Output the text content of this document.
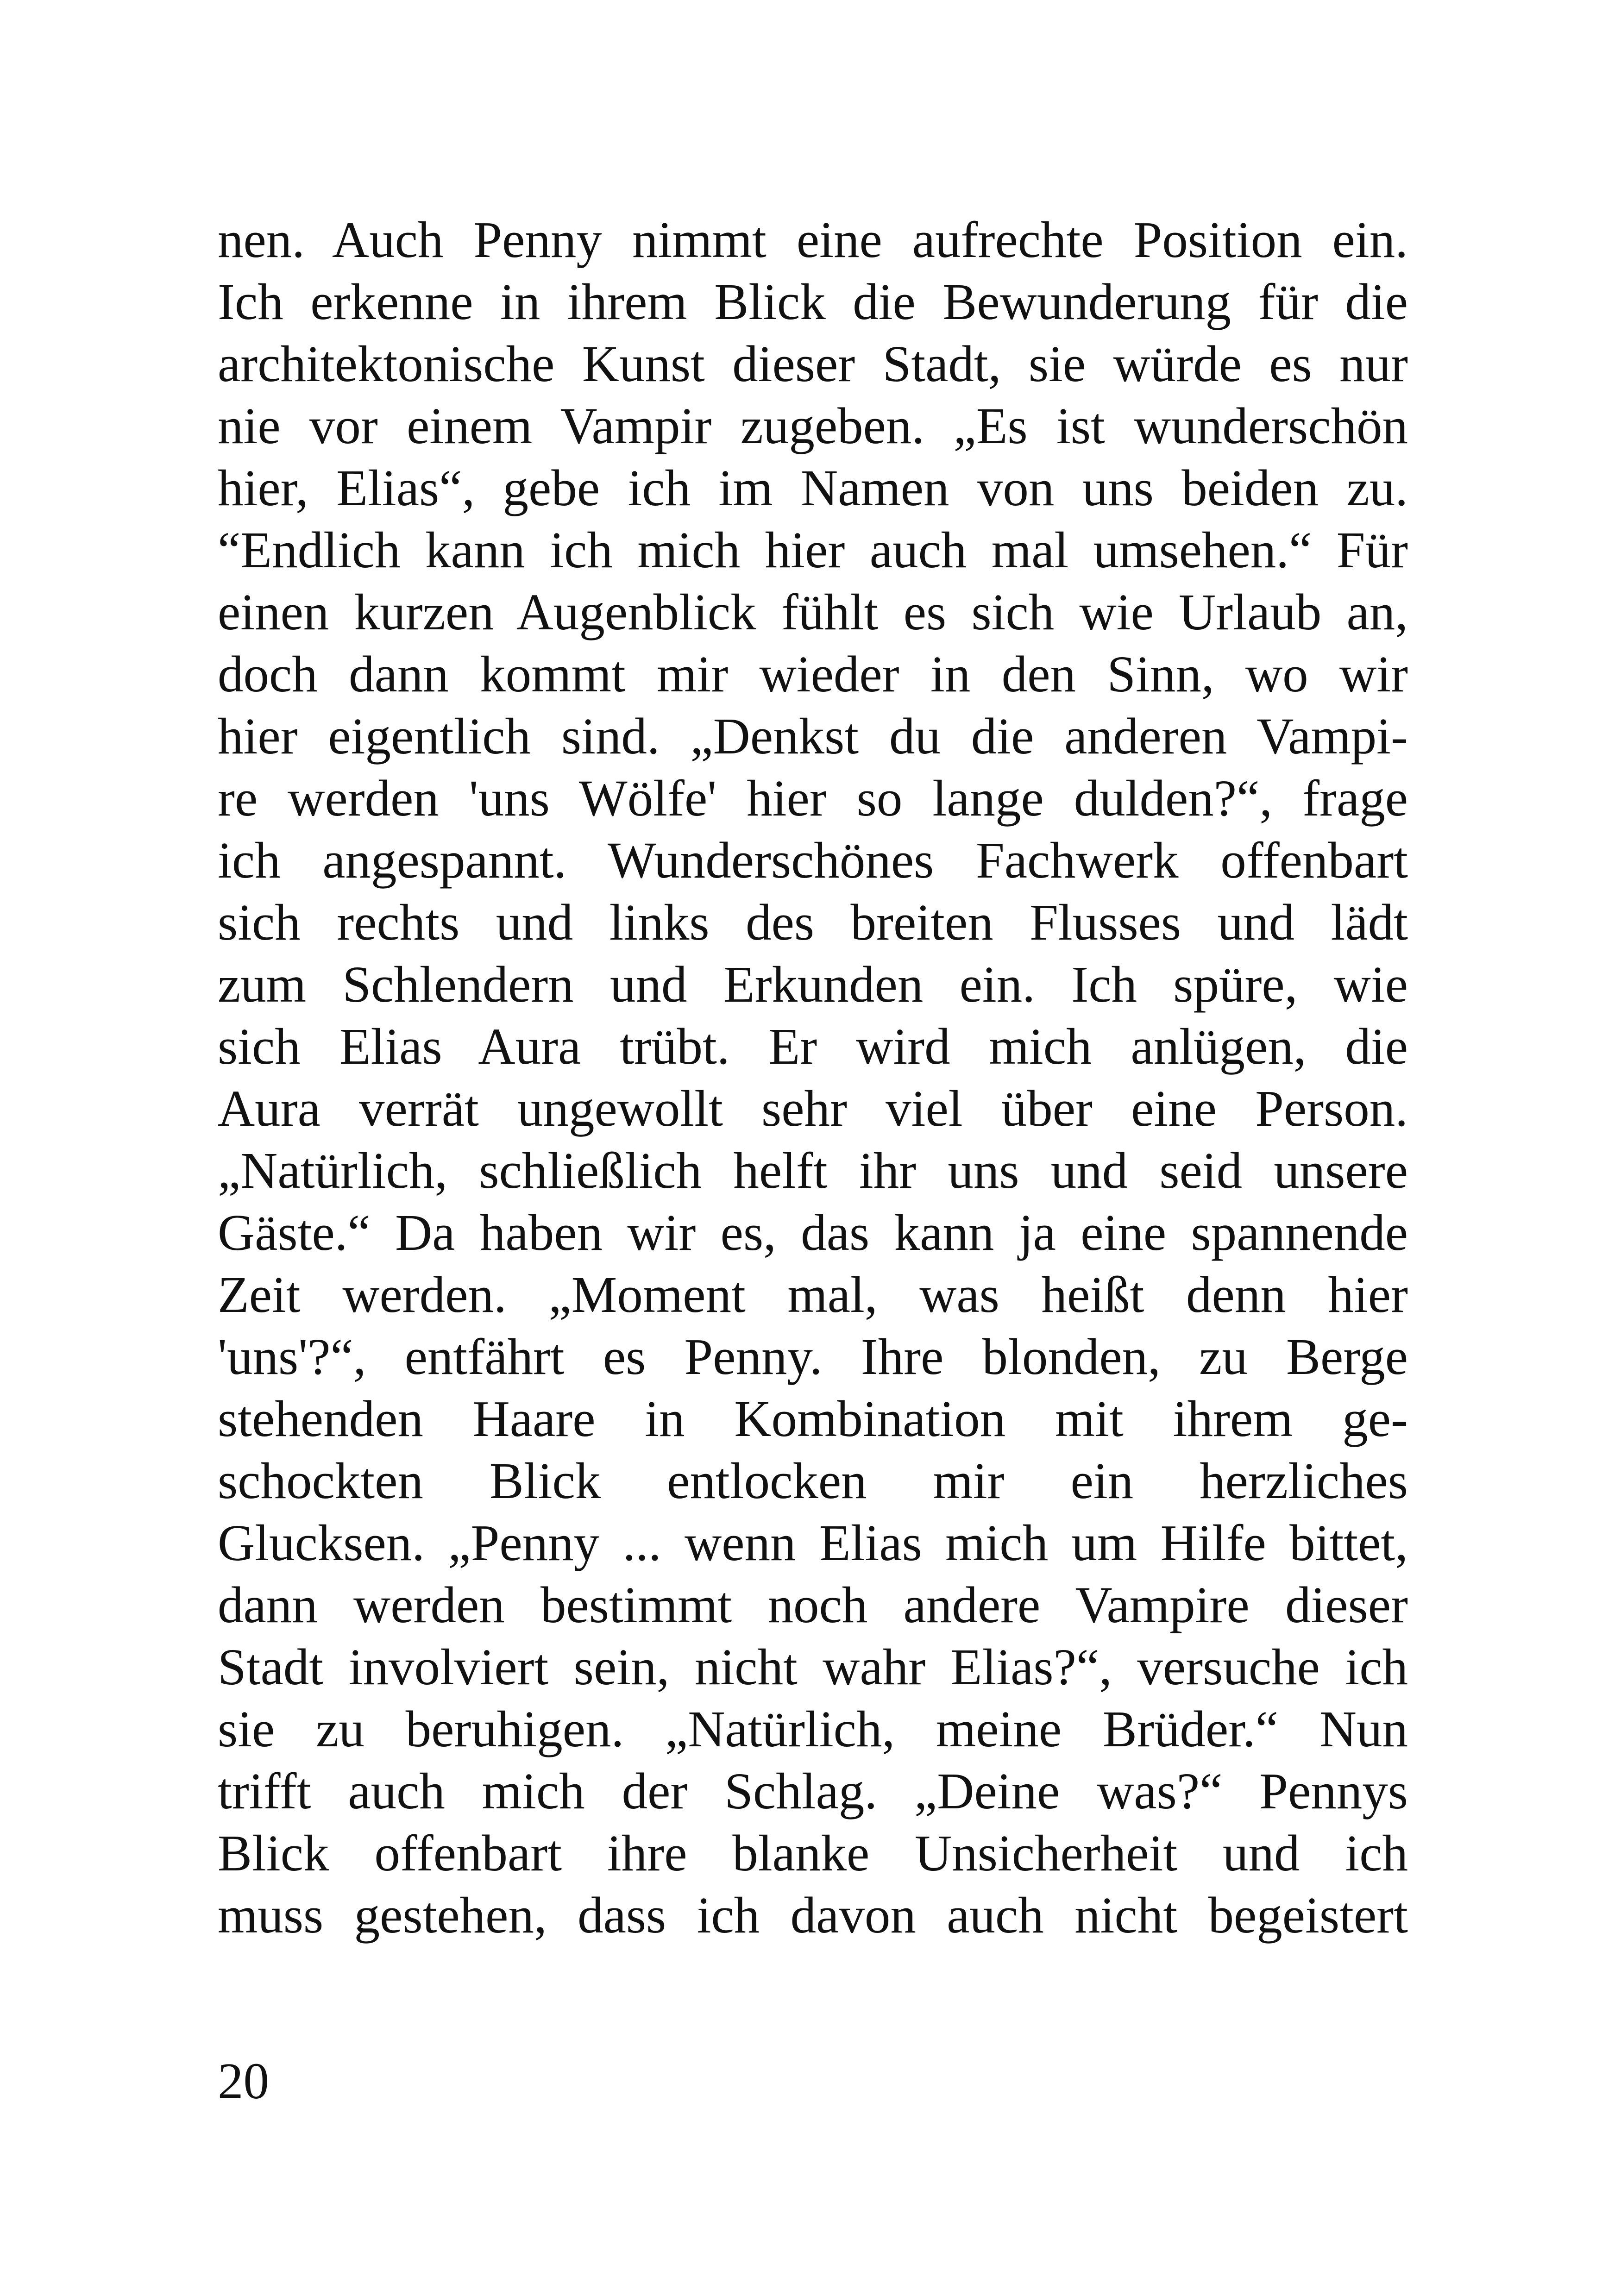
nen. Auch Penny nimmt eine aufrechte Position ein.
Ich erkenne in ihrem Blick die Bewunderung für die
architektonische Kunst dieser Stadt, sie würde es nur
nie vor einem Vampir zugeben. „Es ist wunderschön
hier, Elias“, gebe ich im Namen von uns beiden zu.
“Endlich kann ich mich hier auch mal umsehen.“ Für
einen kurzen Augenblick fühlt es sich wie Urlaub an,
doch dann kommt mir wieder in den Sinn, wo wir
hier eigentlich sind. „Denkst du die anderen Vampi-
re werden 'uns Wölfe' hier so lange dulden?“, frage
ich angespannt. Wunderschönes Fachwerk offenbart
sich rechts und links des breiten Flusses und lädt
zum Schlendern und Erkunden ein. Ich spüre, wie
sich Elias Aura trübt. Er wird mich anlügen, die
Aura verrät ungewollt sehr viel über eine Person.
„Natürlich, schließlich helft ihr uns und seid unsere
Gäste.“ Da haben wir es, das kann ja eine spannende
Zeit werden. „Moment mal, was heißt denn hier
'uns'?“, entfährt es Penny. Ihre blonden, zu Berge
stehenden Haare in Kombination mit ihrem ge-
schockten Blick entlocken mir ein herzliches
Glucksen. „Penny ... wenn Elias mich um Hilfe bittet,
dann werden bestimmt noch andere Vampire dieser
Stadt involviert sein, nicht wahr Elias?“, versuche ich
sie zu beruhigen. „Natürlich, meine Brüder.“ Nun
trifft auch mich der Schlag. „Deine was?“ Pennys
Blick offenbart ihre blanke Unsicherheit und ich
muss gestehen, dass ich davon auch nicht begeistert
20
